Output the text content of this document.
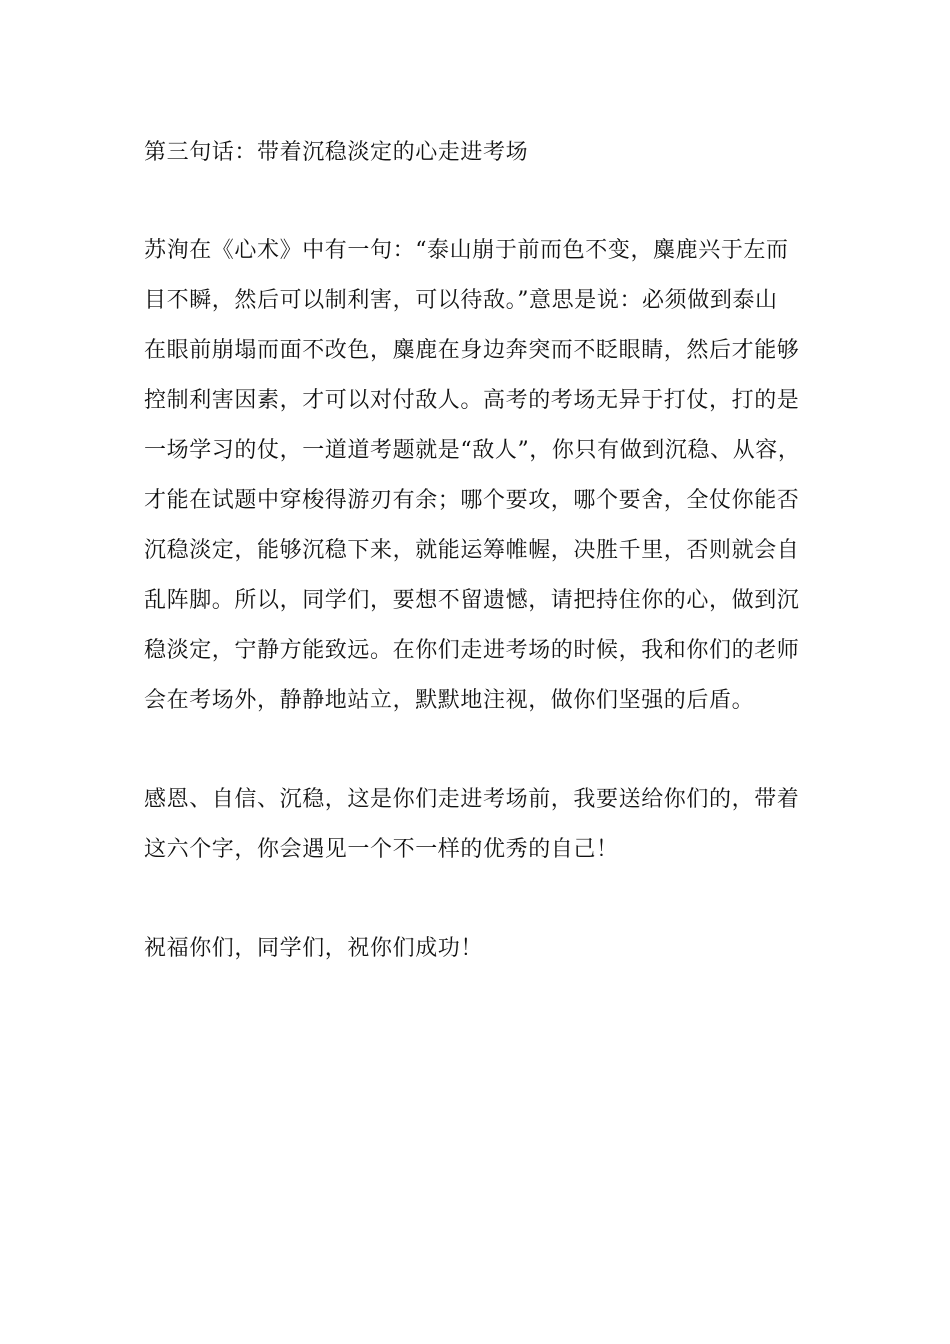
第三句话：带着沉稳淡定的心走进考场
苏洵在《心术》中有一句：“泰山崩于前而色不变，麋鹿兴于左而
目不瞬，然后可以制利害，可以待敌。”意思是说：必须做到泰山
在眼前崩塌而面不改色，麋鹿在身边奔突而不眨眼睛，然后才能够
控制利害因素，才可以对付敌人。高考的考场无异于打仗，打的是
一场学习的仗，一道道考题就是“敌人”，你只有做到沉稳、从容，
才能在试题中穿梭得游刃有余；哪个要攻，哪个要舍，全仗你能否
沉稳淡定，能够沉稳下来，就能运筹帷幄，决胜千里，否则就会自
乱阵脚。所以，同学们，要想不留遗憾，请把持住你的心，做到沉
稳淡定，宁静方能致远。在你们走进考场的时候，我和你们的老师
会在考场外，静静地站立，默默地注视，做你们坚强的后盾。
感恩、自信、沉稳，这是你们走进考场前，我要送给你们的，带着
这六个字，你会遇见一个不一样的优秀的自己！
祝福你们，同学们，祝你们成功！
